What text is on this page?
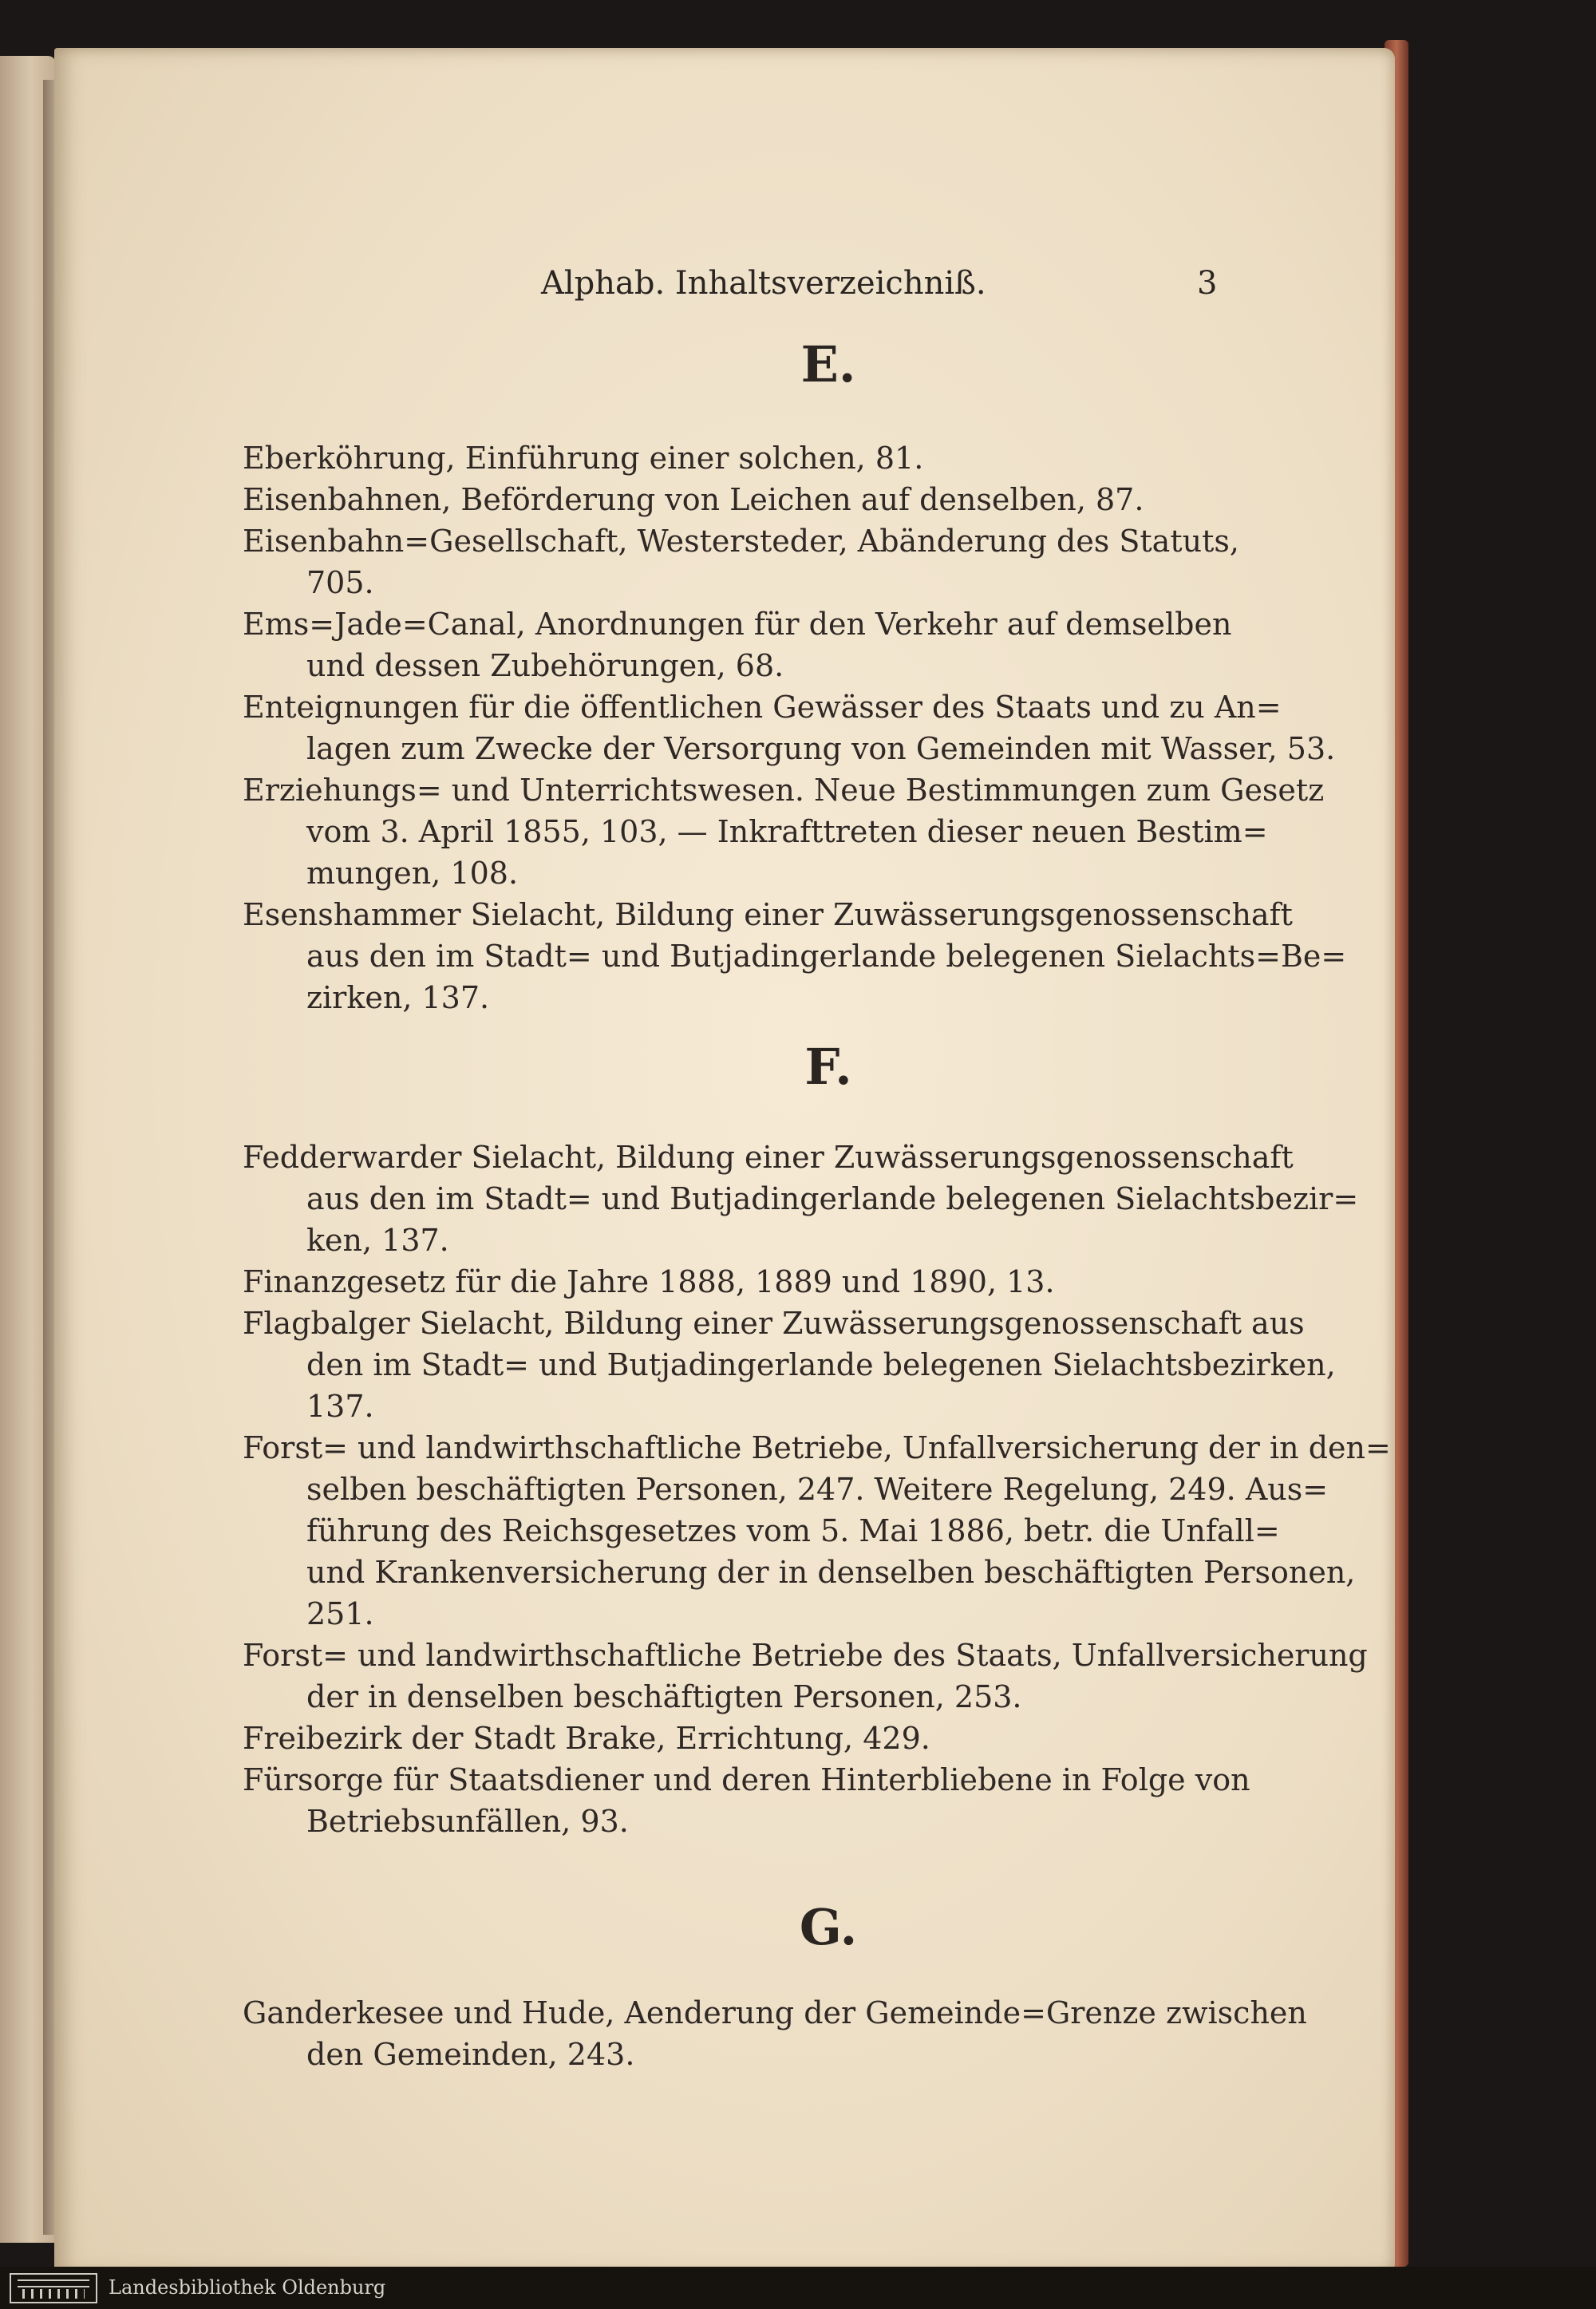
Alphab. Inhaltsverzeichniß.	3
E.
Eberköhrung, Einführung einer solchen, 81.
Eisenbahnen, Beförderung von Leichen auf denselben, 87.
Eisenbahn=Gesellschaft, Westersteder, Abänderung des Statuts,
705.
Ems=Jade=Canal, Anordnungen für den Verkehr auf demselben
und dessen Zubehörungen, 68.
Enteignungen für die öffentlichen Gewässer des Staats und zu An=
lagen zum Zwecke der Versorgung von Gemeinden mit Wasser, 53.
Erziehungs= und Unterrichtswesen. Neue Bestimmungen zum Gesetz
vom 3. April 1855, 103, — Inkrafttreten dieser neuen Bestim=
mungen, 108.
Esenshammer Sielacht, Bildung einer Zuwässerungsgenossenschaft
aus den im Stadt= und Butjadingerlande belegenen Sielachts=Be=
zirken, 137.
F.
Fedderwarder Sielacht, Bildung einer Zuwässerungsgenossenschaft
aus den im Stadt= und Butjadingerlande belegenen Sielachtsbezir=
ken, 137.
Finanzgesetz für die Jahre 1888, 1889 und 1890, 13.
Flagbalger Sielacht, Bildung einer Zuwässerungsgenossenschaft aus
den im Stadt= und Butjadingerlande belegenen Sielachtsbezirken,
137.
Forst= und landwirthschaftliche Betriebe, Unfallversicherung der in den=
selben beschäftigten Personen, 247. Weitere Regelung, 249. Aus=
führung des Reichsgesetzes vom 5. Mai 1886, betr. die Unfall=
und Krankenversicherung der in denselben beschäftigten Personen,
251.
Forst= und landwirthschaftliche Betriebe des Staats, Unfallversicherung
der in denselben beschäftigten Personen, 253.
Freibezirk der Stadt Brake, Errichtung, 429.
Fürsorge für Staatsdiener und deren Hinterbliebene in Folge von
Betriebsunfällen, 93.
G.
Ganderkesee und Hude, Aenderung der Gemeinde=Grenze zwischen
den Gemeinden, 243.
Landesbibliothek Oldenburg
